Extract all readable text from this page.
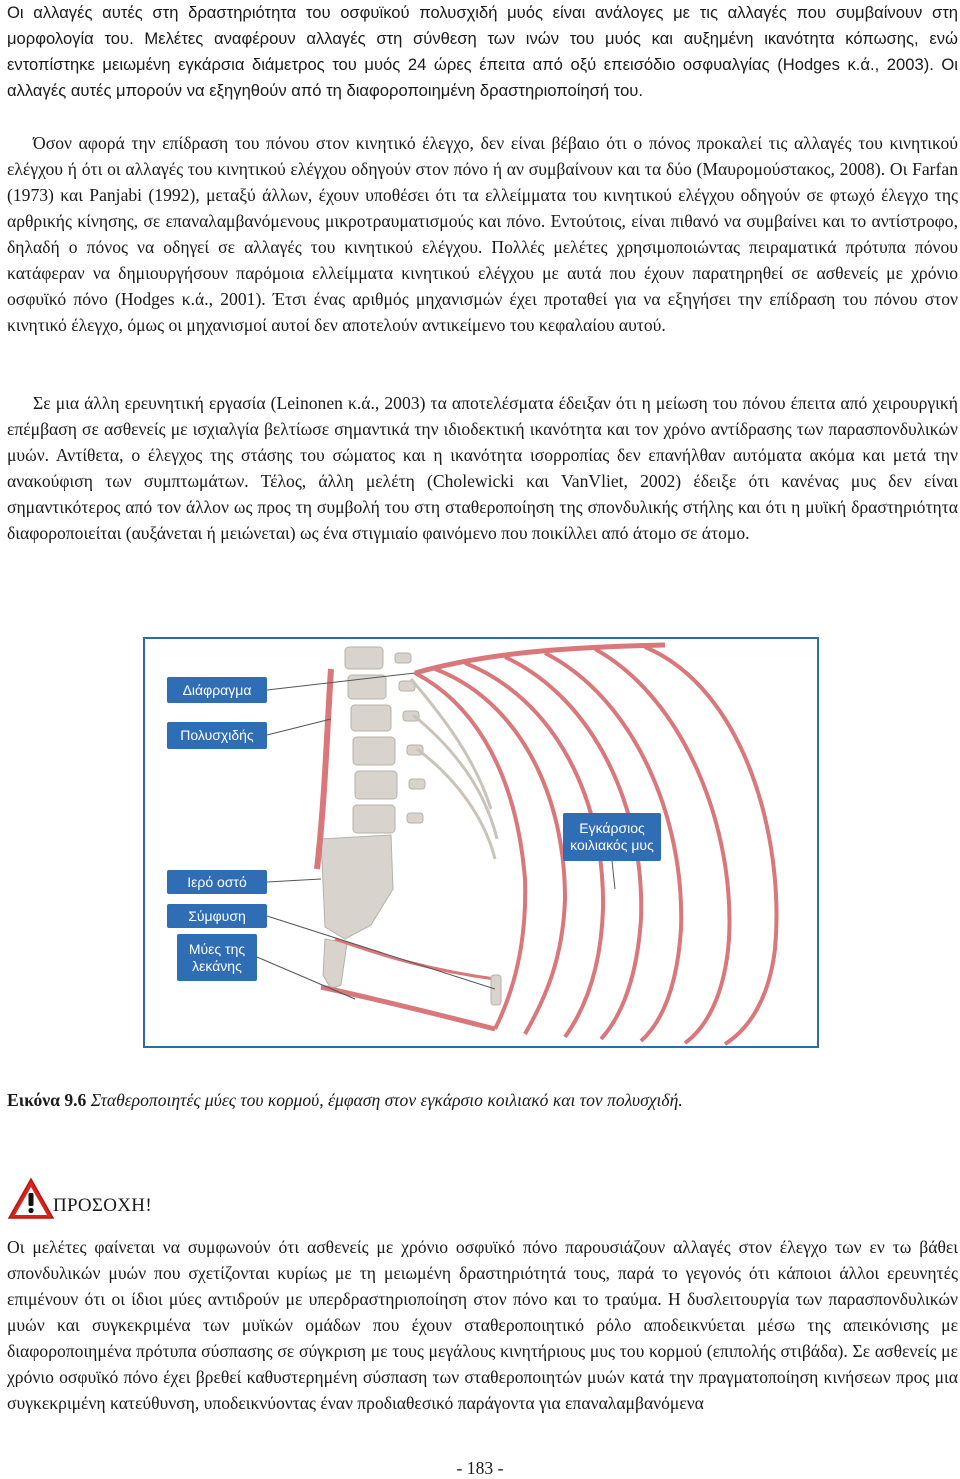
Οι αλλαγές αυτές στη δραστηριότητα του οσφυϊκού πολυσχιδή μυός είναι ανάλογες με τις αλλαγές που συμβαίνουν στη μορφολογία του. Μελέτες αναφέρουν αλλαγές στη σύνθεση των ινών του μυός και αυξημένη ικανότητα κόπωσης, ενώ εντοπίστηκε μειωμένη εγκάρσια διάμετρος του μυός 24 ώρες έπειτα από οξύ επεισόδιο οσφυαλγίας (Hodges κ.ά., 2003). Οι αλλαγές αυτές μπορούν να εξηγηθούν από τη διαφοροποιημένη δραστηριοποίησή του.

Όσον αφορά την επίδραση του πόνου στον κινητικό έλεγχο, δεν είναι βέβαιο ότι ο πόνος προκαλεί τις αλλαγές του κινητικού ελέγχου ή ότι οι αλλαγές του κινητικού ελέγχου οδηγούν στον πόνο ή αν συμβαίνουν και τα δύο (Μαυρομούστακος, 2008). Οι Farfan (1973) και Panjabi (1992), μεταξύ άλλων, έχουν υποθέσει ότι τα ελλείμματα του κινητικού ελέγχου οδηγούν σε φτωχό έλεγχο της αρθρικής κίνησης, σε επαναλαμβανόμενους μικροτραυματισμούς και πόνο. Εντούτοις, είναι πιθανό να συμβαίνει και το αντίστροφο, δηλαδή ο πόνος να οδηγεί σε αλλαγές του κινητικού ελέγχου. Πολλές μελέτες χρησιμοποιώντας πειραματικά πρότυπα πόνου κατάφεραν να δημιουργήσουν παρόμοια ελλείμματα κινητικού ελέγχου με αυτά που έχουν παρατηρηθεί σε ασθενείς με χρόνιο οσφυϊκό πόνο (Hodges κ.ά., 2001). Έτσι ένας αριθμός μηχανισμών έχει προταθεί για να εξηγήσει την επίδραση του πόνου στον κινητικό έλεγχο, όμως οι μηχανισμοί αυτοί δεν αποτελούν αντικείμενο του κεφαλαίου αυτού.

Σε μια άλλη ερευνητική εργασία (Leinonen κ.ά., 2003) τα αποτελέσματα έδειξαν ότι η μείωση του πόνου έπειτα από χειρουργική επέμβαση σε ασθενείς με ισχιαλγία βελτίωσε σημαντικά την ιδιοδεκτική ικανότητα και τον χρόνο αντίδρασης των παρασπονδυλικών μυών. Αντίθετα, ο έλεγχος της στάσης του σώματος και η ικανότητα ισορροπίας δεν επανήλθαν αυτόματα ακόμα και μετά την ανακούφιση των συμπτωμάτων. Τέλος, άλλη μελέτη (Cholewicki και VanVliet, 2002) έδειξε ότι κανένας μυς δεν είναι σημαντικότερος από τον άλλον ως προς τη συμβολή του στη σταθεροποίηση της σπονδυλικής στήλης και ότι η μυϊκή δραστηριότητα διαφοροποιείται (αυξάνεται ή μειώνεται) ως ένα στιγμιαίο φαινόμενο που ποικίλλει από άτομο σε άτομο.

Διάφραγμα
Πολυσχιδής
Εγκάρσιος
κοιλιακός μυς
Ιερό οστό
Σύμφυση
Μύες της
λεκάνης

Εικόνα 9.6 Σταθεροποιητές μύες του κορμού, έμφαση στον εγκάρσιο κοιλιακό και τον πολυσχιδή.

ΠΡΟΣΟΧΗ!

Οι μελέτες φαίνεται να συμφωνούν ότι ασθενείς με χρόνιο οσφυϊκό πόνο παρουσιάζουν αλλαγές στον έλεγχο των εν τω βάθει σπονδυλικών μυών που σχετίζονται κυρίως με τη μειωμένη δραστηριότητά τους, παρά το γεγονός ότι κάποιοι άλλοι ερευνητές επιμένουν ότι οι ίδιοι μύες αντιδρούν με υπερδραστηριοποίηση στον πόνο και το τραύμα. Η δυσλειτουργία των παρασπονδυλικών μυών και συγκεκριμένα των μυϊκών ομάδων που έχουν σταθεροποιητικό ρόλο αποδεικνύεται μέσω της απεικόνισης με διαφοροποιημένα πρότυπα σύσπασης σε σύγκριση με τους μεγάλους κινητήριους μυς του κορμού (επιπολής στιβάδα). Σε ασθενείς με χρόνιο οσφυϊκό πόνο έχει βρεθεί καθυστερημένη σύσπαση των σταθεροποιητών μυών κατά την πραγματοποίηση κινήσεων προς μια συγκεκριμένη κατεύθυνση, υποδεικνύοντας έναν προδιαθεσικό παράγοντα για επαναλαμβανόμενα

- 183 -
